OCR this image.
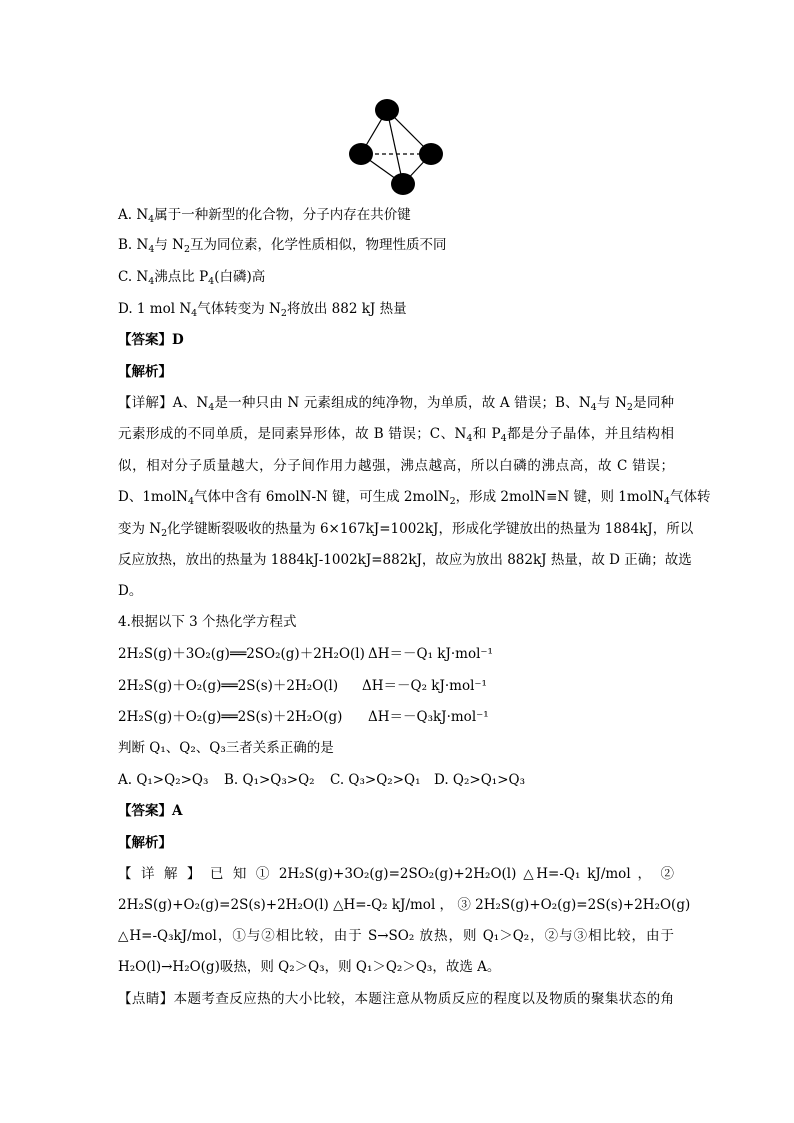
A. $N_4$属于一种新型的化合物，分子内存在共价键
B. $N_4$与 $N_2$互为同位素，化学性质相似，物理性质不同
C. $N_4$沸点比 $P_4$(白磷)高
D. 1 mol $N_4$气体转变为 $N_2$将放出 882 kJ 热量
【答案】D
【解析】
【详解】A、$N_4$是一种只由 N 元素组成的纯净物，为单质，故 A 错误；B、$N_4$与 $N_2$是同种
元素形成的不同单质，是同素异形体，故 B 错误；C、$N_4$和 $P_4$都是分子晶体，并且结构相
似，相对分子质量越大，分子间作用力越强，沸点越高，所以白磷的沸点高，故 C 错误；
D、1molN$_4$气体中含有 6molN-N 键，可生成 2molN$_2$，形成 2molN≡N 键，则 1molN$_4$气体转
变为 $N_2$化学键断裂吸收的热量为 6×167kJ=1002kJ，形成化学键放出的热量为 1884kJ，所以
反应放热，放出的热量为 1884kJ-1002kJ=882kJ，故应为放出 882kJ 热量，故 D 正确；故选
D。
4.根据以下 3 个热化学方程式
2H₂S(g)＋3O₂(g)══2SO₂(g)＋2H₂O(l) ΔH＝－Q₁ kJ·mol⁻¹
2H₂S(g)＋O₂(g)══2S(s)＋2H₂O(l) ΔH＝－Q₂ kJ·mol⁻¹
2H₂S(g)＋O₂(g)══2S(s)＋2H₂O(g) ΔH＝－Q₃kJ·mol⁻¹
判断 Q₁、Q₂、Q₃三者关系正确的是
A. Q₁>Q₂>Q₃ B. Q₁>Q₃>Q₂ C. Q₃>Q₂>Q₁ D. Q₂>Q₁>Q₃
【答案】A
【解析】
【 详 解 】 已 知 ① 2H₂S(g)+3O₂(g)=2SO₂(g)+2H₂O(l) △H=-Q₁ kJ/mol ， ②
2H₂S(g)+O₂(g)=2S(s)+2H₂O(l) △H=-Q₂ kJ/mol ， ③ 2H₂S(g)+O₂(g)=2S(s)+2H₂O(g)
△H=-Q₃kJ/mol，①与②相比较，由于 S→SO₂ 放热，则 Q₁＞Q₂，②与③相比较，由于
H₂O(l)→H₂O(g)吸热，则 Q₂＞Q₃，则 Q₁＞Q₂＞Q₃，故选 A。
【点睛】本题考查反应热的大小比较，本题注意从物质反应的程度以及物质的聚集状态的角
